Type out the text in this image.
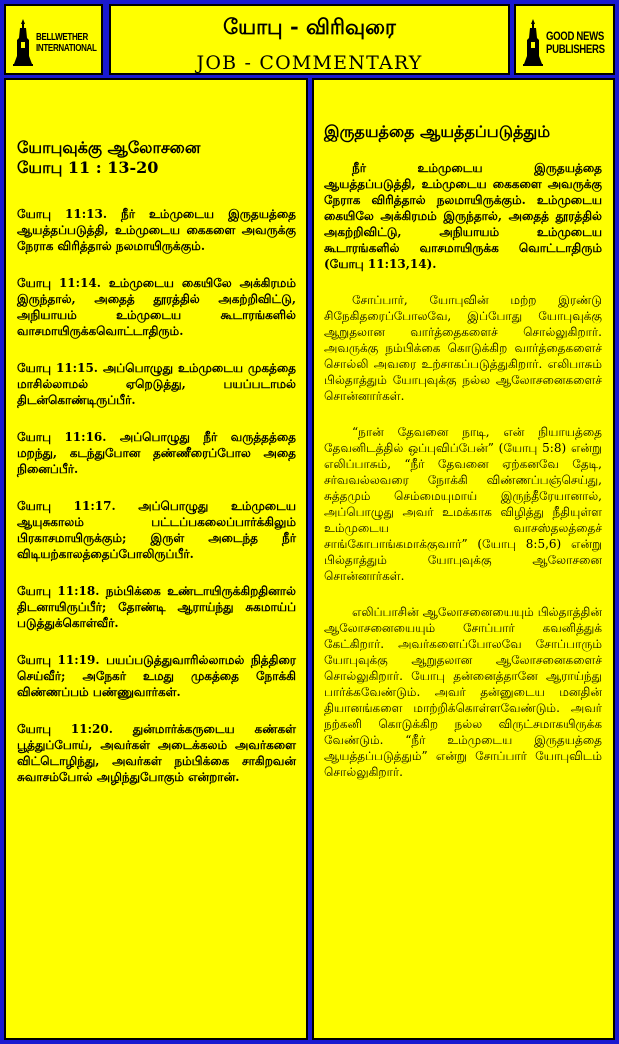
BELLWETHER
INTERNATIONAL
யோபு - விரிவுரை
JOB - COMMENTARY
GOOD NEWS
PUBLISHERS
யோபுவுக்கு ஆலோசனை
யோபு 11 : 13-20

யோபு 11:13. நீர் உம்முடைய இருதயத்தை ஆயத்தப்படுத்தி, உம்முடைய கைகளை அவருக்கு நேராக விரித்தால் நலமாயிருக்கும்.

யோபு 11:14. உம்முடைய கையிலே அக்கிரமம் இருந்தால், அதைத் தூரத்தில் அகற்றிவிட்டு, அநியாயம் உம்முடைய கூடாரங்களில் வாசமாயிருக்கவொட்டாதிரும்.

யோபு 11:15. அப்பொழுது உம்முடைய முகத்தை மாசில்லாமல் ஏறெடுத்து, பயப்படாமல் திடன்கொண்டிருப்பீர்.

யோபு 11:16. அப்பொழுது நீர் வருத்தத்தை மறந்து, கடந்துபோன தண்ணீரைப்போல அதை நினைப்பீர்.

யோபு 11:17. அப்பொழுது உம்முடைய ஆயுசுகாலம் பட்டப்பகலைப்பார்க்கிலும் பிரகாசமாயிருக்கும்; இருள் அடைந்த நீர் விடியற்காலத்தைப்போலிருப்பீர்.

யோபு 11:18. நம்பிக்கை உண்டாயிருக்கிறதினால் திடனாயிருப்பீர்; தோண்டி ஆராய்ந்து சுகமாய்ப் படுத்துக்கொள்வீர்.

யோபு 11:19. பயப்படுத்துவாரில்லாமல் நித்திரை செய்வீர்; அநேகர் உமது முகத்தை நோக்கி விண்ணப்பம் பண்ணுவார்கள்.

யோபு 11:20. துன்மார்க்கருடைய கண்கள் பூத்துப்போய், அவர்கள் அடைக்கலம் அவர்களை விட்டொழிந்து, அவர்கள் நம்பிக்கை சாகிறவன் சுவாசம்போல் அழிந்துபோகும் என்றான்.

இருதயத்தை ஆயத்தப்படுத்தும்

நீர் உம்முடைய இருதயத்தை ஆயத்தப்படுத்தி, உம்முடைய கைகளை அவருக்கு நேராக விரித்தால் நலமாயிருக்கும். உம்முடைய கையிலே அக்கிரமம் இருந்தால், அதைத் தூரத்தில் அகற்றிவிட்டு, அநியாயம் உம்முடைய கூடாரங்களில் வாசமாயிருக்க வொட்டாதிரும் (யோபு 11:13,14).

சோப்பார், யோபுவின் மற்ற இரண்டு சிநேகிதரைப்போலவே, இப்போது யோபுவுக்கு ஆறுதலான வார்த்தைகளைச் சொல்லுகிறார். அவருக்கு நம்பிக்கை கொடுக்கிற வார்த்தைகளைச் சொல்லி அவரை உற்சாகப்படுத்துகிறார். எலிபாசும் பில்தாத்தும் யோபுவுக்கு நல்ல ஆலோசனைகளைச் சொன்னார்கள்.

“நான் தேவனை நாடி, என் நியாயத்தை தேவனிடத்தில் ஒப்புவிப்பேன்” (யோபு 5:8) என்று எலிப்பாசும், “நீர் தேவனை ஏற்கனவே தேடி, சர்வவல்லவரை நோக்கி விண்ணப்பஞ்செய்து, சுத்தமும் செம்மையுமாய் இருந்தீரேயானால், அப்பொழுது அவர் உமக்காக விழித்து நீதியுள்ள உம்முடைய வாசஸ்தலத்தைச் சாங்கோபாங்கமாக்குவார்” (யோபு 8:5,6) என்று பில்தாத்தும் யோபுவுக்கு ஆலோசனை சொன்னார்கள்.

எலிப்பாசின் ஆலோசனையையும் பில்தாத்தின் ஆலோசனையையும் சோப்பார் கவனித்துக் கேட்கிறார். அவர்களைப்போலவே சோப்பாரும் யோபுவுக்கு ஆறுதலான ஆலோசனைகளைச் சொல்லுகிறார். யோபு தன்னைத்தானே ஆராய்ந்து பார்க்கவேண்டும். அவர் தன்னுடைய மனதின் தியானங்களை மாற்றிக்கொள்ளவேண்டும். அவர் நற்கனி கொடுக்கிற நல்ல விருட்சமாகயிருக்க வேண்டும். “நீர் உம்முடைய இருதயத்தை ஆயத்தப்படுத்தும்” என்று சோப்பார் யோபுவிடம் சொல்லுகிறார்.
